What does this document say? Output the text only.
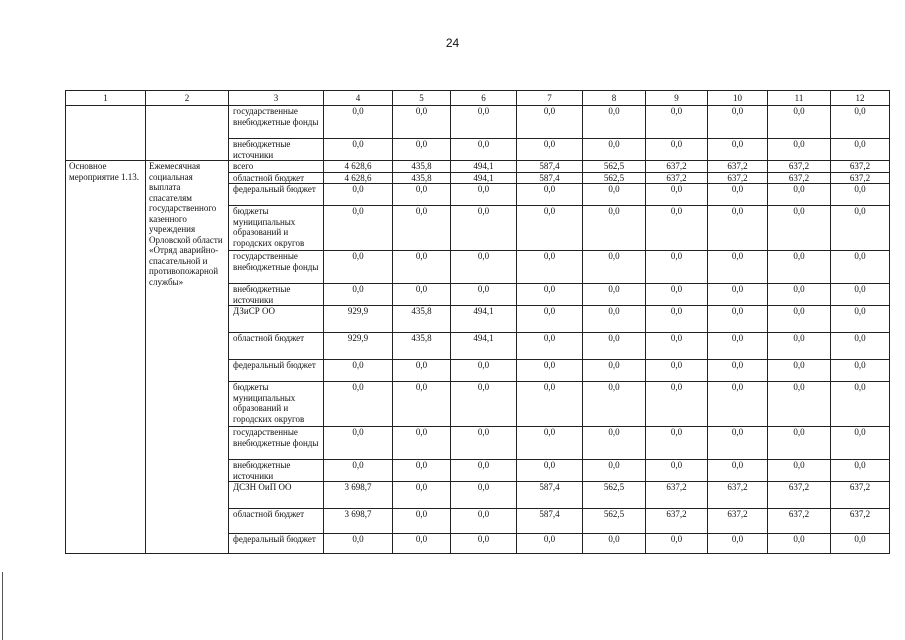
24
1	2	3	4	5	6	7	8	9	10	11	12
		государственные внебюджетные фонды	0,0	0,0	0,0	0,0	0,0	0,0	0,0	0,0	0,0
		внебюджетные источники	0,0	0,0	0,0	0,0	0,0	0,0	0,0	0,0	0,0
Основное мероприятие 1.13.	Ежемесячная социальная выплата спасателям государственного казенного учреждения Орловской области «Отряд аварийно-спасательной и противопожарной службы»	всего	4 628,6	435,8	494,1	587,4	562,5	637,2	637,2	637,2	637,2
		областной бюджет	4 628,6	435,8	494,1	587,4	562,5	637,2	637,2	637,2	637,2
		федеральный бюджет	0,0	0,0	0,0	0,0	0,0	0,0	0,0	0,0	0,0
		бюджеты муниципальных образований и городских округов	0,0	0,0	0,0	0,0	0,0	0,0	0,0	0,0	0,0
		государственные внебюджетные фонды	0,0	0,0	0,0	0,0	0,0	0,0	0,0	0,0	0,0
		внебюджетные источники	0,0	0,0	0,0	0,0	0,0	0,0	0,0	0,0	0,0
		ДЗиСР ОО	929,9	435,8	494,1	0,0	0,0	0,0	0,0	0,0	0,0
		областной бюджет	929,9	435,8	494,1	0,0	0,0	0,0	0,0	0,0	0,0
		федеральный бюджет	0,0	0,0	0,0	0,0	0,0	0,0	0,0	0,0	0,0
		бюджеты муниципальных образований и городских округов	0,0	0,0	0,0	0,0	0,0	0,0	0,0	0,0	0,0
		государственные внебюджетные фонды	0,0	0,0	0,0	0,0	0,0	0,0	0,0	0,0	0,0
		внебюджетные источники	0,0	0,0	0,0	0,0	0,0	0,0	0,0	0,0	0,0
		ДСЗН ОиП ОО	3 698,7	0,0	0,0	587,4	562,5	637,2	637,2	637,2	637,2
		областной бюджет	3 698,7	0,0	0,0	587,4	562,5	637,2	637,2	637,2	637,2
		федеральный бюджет	0,0	0,0	0,0	0,0	0,0	0,0	0,0	0,0	0,0
